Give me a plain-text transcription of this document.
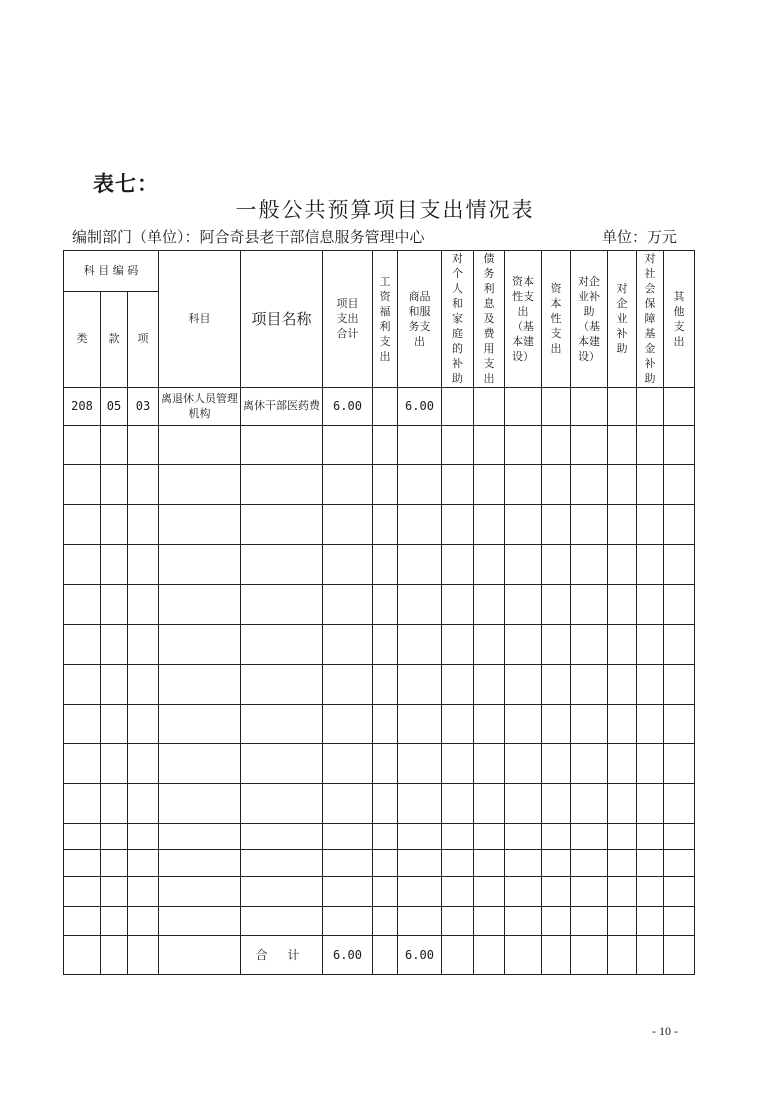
表七：
一般公共预算项目支出情况表
编制部门（单位）：阿合奇县老干部信息服务管理中心	单位：万元
科 目 编 码			科目	项目名称	项目支出合计	工资福利支出	商品和服务支出	对个人和家庭的补助	债务利息及费用支出	资本性支出（基本建设）	资本性支出	对企业补助（基本建设）	对企业补助	对社会保障基金补助	其他支出
类	款	项													
208	05	03	离退休人员管理机构	离休干部医药费	6.00		6.00								

				合 计	6.00		6.00								
- 10 -
